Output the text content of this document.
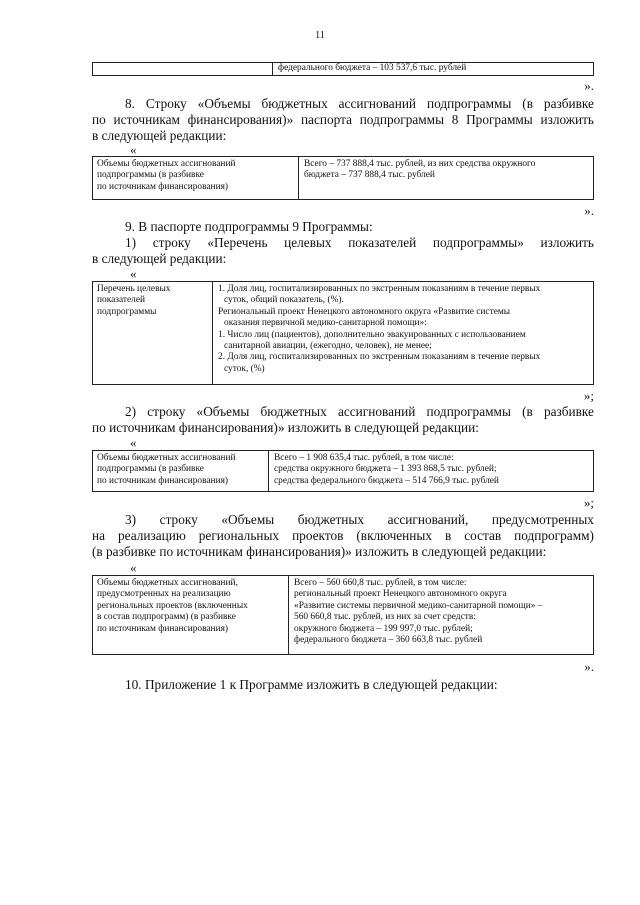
11
федерального бюджета – 103 537,6 тыс. рублей
».
8. Строку «Объемы бюджетных ассигнований подпрограммы (в разбивке
по источникам финансирования)» паспорта подпрограммы 8 Программы изложить
в следующей редакции:
«
Объемы бюджетных ассигнований
подпрограммы (в разбивке
по источникам финансирования)
Всего – 737 888,4 тыс. рублей, из них средства окружного
бюджета – 737 888,4 тыс. рублей
».
9. В паспорте подпрограммы 9 Программы:
1) строку «Перечень целевых показателей подпрограммы» изложить
в следующей редакции:
«
Перечень целевых
показателей
подпрограммы
1. Доля лиц, госпитализированных по экстренным показаниям в течение первых
суток, общий показатель, (%).
Региональный проект Ненецкого автономного округа «Развитие системы
оказания первичной медико-санитарной помощи»:
1. Число лиц (пациентов), дополнительно эвакуированных с использованием
санитарной авиации, (ежегодно, человек), не менее;
2. Доля лиц, госпитализированных по экстренным показаниям в течение первых
суток, (%)
»;
2) строку «Объемы бюджетных ассигнований подпрограммы (в разбивке
по источникам финансирования)» изложить в следующей редакции:
«
Объемы бюджетных ассигнований
подпрограммы (в разбивке
по источникам финансирования)
Всего – 1 908 635,4 тыс. рублей, в том числе:
средства окружного бюджета – 1 393 868,5 тыс. рублей;
средства федерального бюджета – 514 766,9 тыс. рублей
»;
3) строку «Объемы бюджетных ассигнований, предусмотренных
на реализацию региональных проектов (включенных в состав подпрограмм)
(в разбивке по источникам финансирования)» изложить в следующей редакции:
«
Объемы бюджетных ассигнований,
предусмотренных на реализацию
региональных проектов (включенных
в состав подпрограмм) (в разбивке
по источникам финансирования)
Всего – 560 660,8 тыс. рублей, в том числе:
региональный проект Ненецкого автономного округа
«Развитие системы первичной медико-санитарной помощи» –
560 660,8 тыс. рублей, из них за счет средств:
окружного бюджета – 199 997,0 тыс. рублей;
федерального бюджета – 360 663,8 тыс. рублей
».
10. Приложение 1 к Программе изложить в следующей редакции:
